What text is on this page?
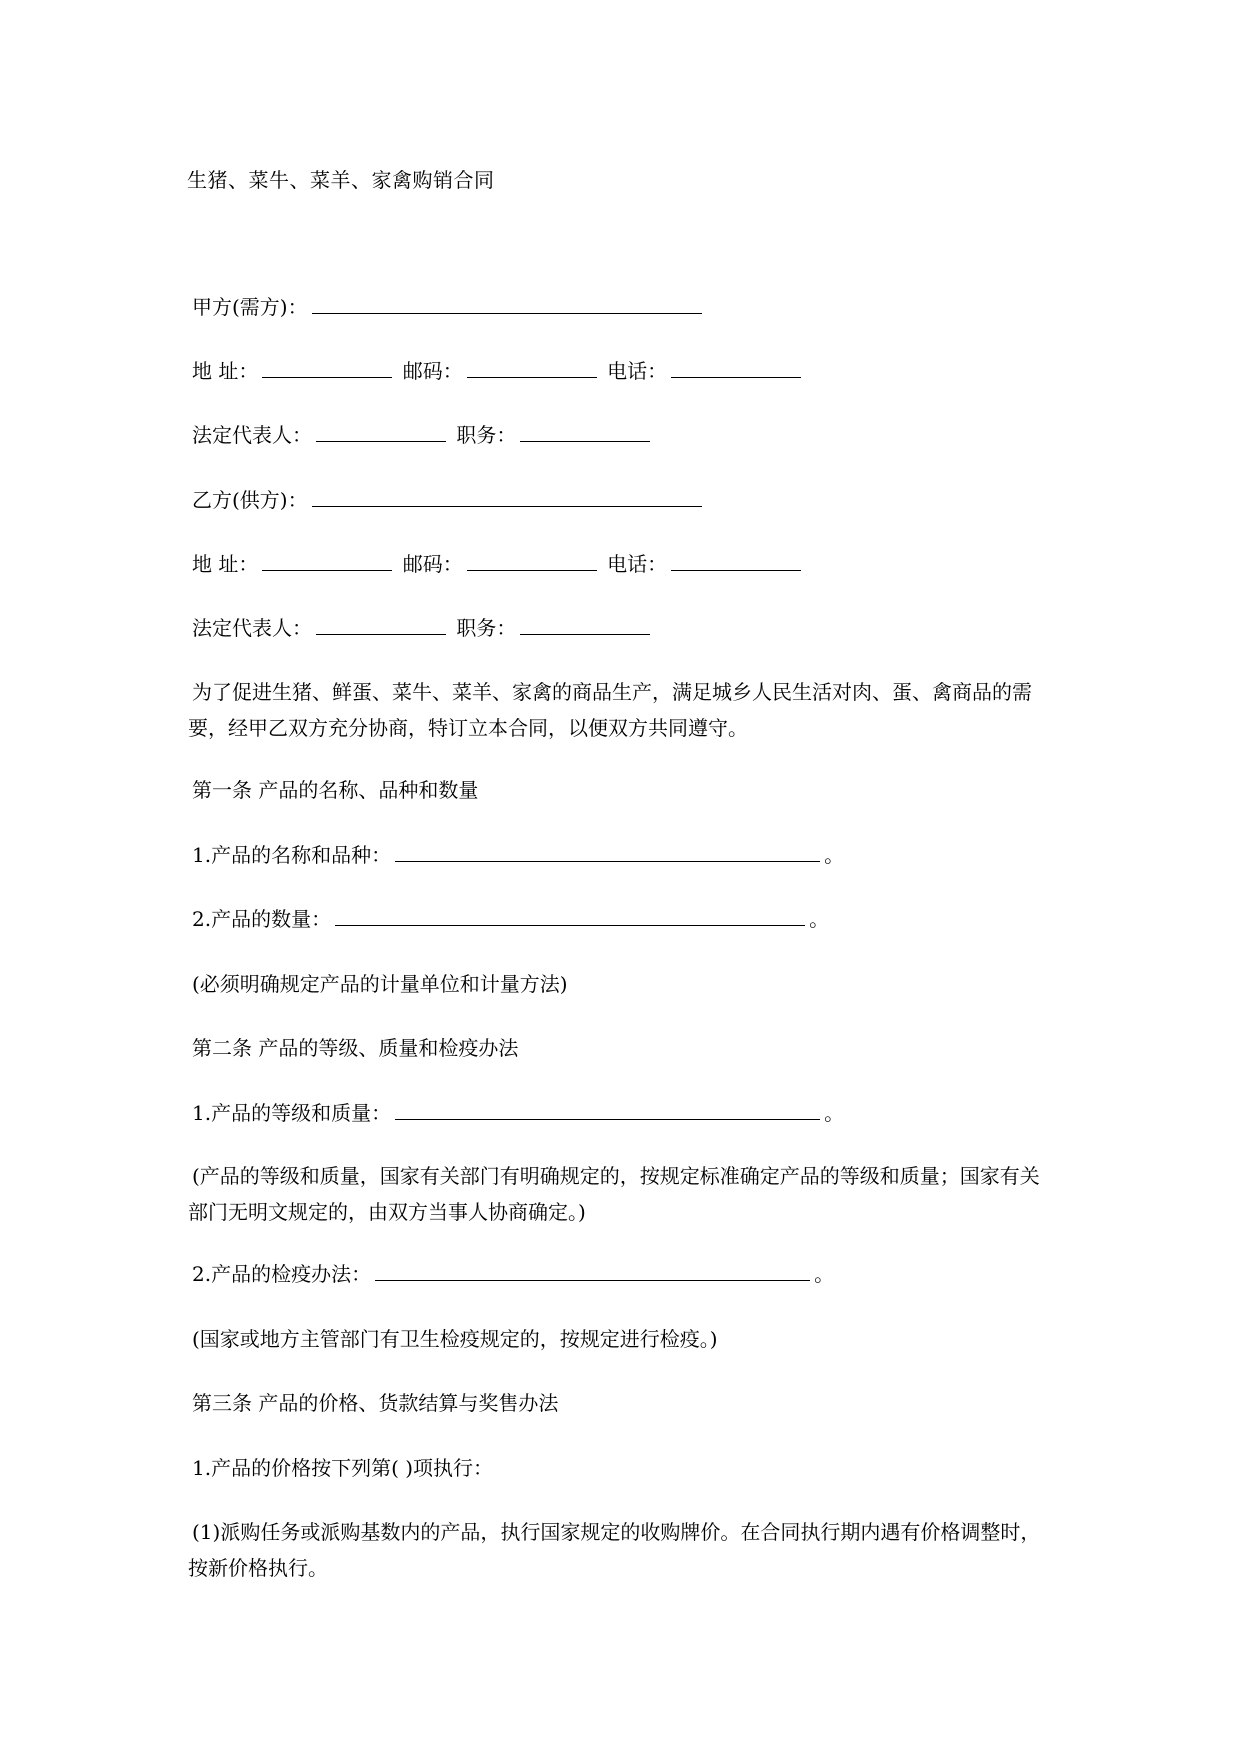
生猪、菜牛、菜羊、家禽购销合同
甲方(需方)：
地 址：	邮码：	电话：
法定代表人：	职务：
乙方(供方)：
地 址：	邮码：	电话：
法定代表人：	职务：
为了促进生猪、鲜蛋、菜牛、菜羊、家禽的商品生产，满足城乡人民生活对肉、蛋、禽商品的需要，经甲乙双方充分协商，特订立本合同，以便双方共同遵守。
第一条 产品的名称、品种和数量
1.产品的名称和品种：	。
2.产品的数量：	。
(必须明确规定产品的计量单位和计量方法)
第二条 产品的等级、质量和检疫办法
1.产品的等级和质量：	。
(产品的等级和质量，国家有关部门有明确规定的，按规定标准确定产品的等级和质量；国家有关部门无明文规定的，由双方当事人协商确定。)
2.产品的检疫办法：	。
(国家或地方主管部门有卫生检疫规定的，按规定进行检疫。)
第三条 产品的价格、货款结算与奖售办法
1.产品的价格按下列第( )项执行：
(1)派购任务或派购基数内的产品，执行国家规定的收购牌价。在合同执行期内遇有价格调整时，按新价格执行。
